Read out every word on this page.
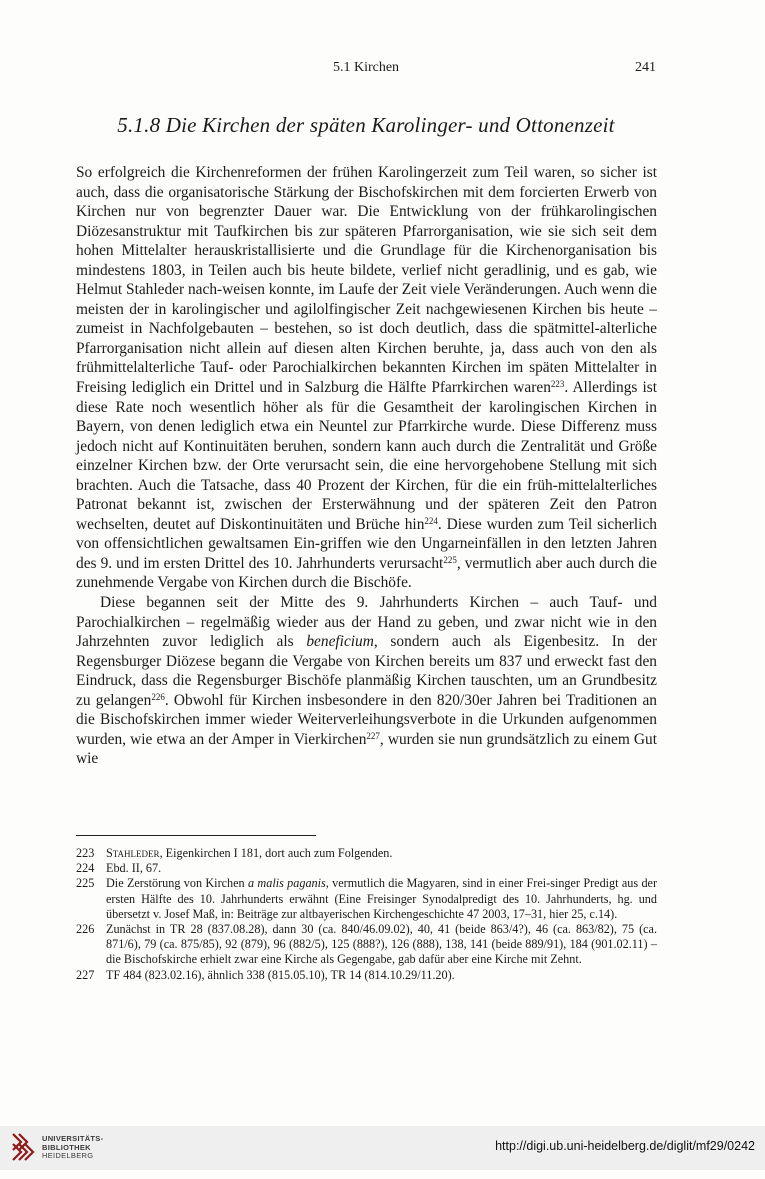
5.1 Kirchen	241
5.1.8 Die Kirchen der späten Karolinger- und Ottonenzeit

So erfolgreich die Kirchenreformen der frühen Karolingerzeit zum Teil waren, so sicher ist auch, dass die organisatorische Stärkung der Bischofskirchen mit dem forcierten Erwerb von Kirchen nur von begrenzter Dauer war. Die Entwicklung von der frühkarolingischen Diözesanstruktur mit Taufkirchen bis zur späteren Pfarrorganisation, wie sie sich seit dem hohen Mittelalter herauskristallisierte und die Grundlage für die Kirchenorganisation bis mindestens 1803, in Teilen auch bis heute bildete, verlief nicht geradlinig, und es gab, wie Helmut Stahleder nach-weisen konnte, im Laufe der Zeit viele Veränderungen. Auch wenn die meisten der in karolingischer und agilolfingischer Zeit nachgewiesenen Kirchen bis heute – zumeist in Nachfolgebauten – bestehen, so ist doch deutlich, dass die spätmittel-alterliche Pfarrorganisation nicht allein auf diesen alten Kirchen beruhte, ja, dass auch von den als frühmittelalterliche Tauf- oder Parochialkirchen bekannten Kirchen im späten Mittelalter in Freising lediglich ein Drittel und in Salzburg die Hälfte Pfarrkirchen waren$^{223}$. Allerdings ist diese Rate noch wesentlich höher als für die Gesamtheit der karolingischen Kirchen in Bayern, von denen lediglich etwa ein Neuntel zur Pfarrkirche wurde. Diese Differenz muss jedoch nicht auf Kontinuitäten beruhen, sondern kann auch durch die Zentralität und Größe einzelner Kirchen bzw. der Orte verursacht sein, die eine hervorgehobene Stellung mit sich brachten. Auch die Tatsache, dass 40 Prozent der Kirchen, für die ein früh-mittelalterliches Patronat bekannt ist, zwischen der Ersterwähnung und der späteren Zeit den Patron wechselten, deutet auf Diskontinuitäten und Brüche hin$^{224}$. Diese wurden zum Teil sicherlich von offensichtlichen gewaltsamen Ein-griffen wie den Ungarneinfällen in den letzten Jahren des 9. und im ersten Drittel des 10. Jahrhunderts verursacht$^{225}$, vermutlich aber auch durch die zunehmende Vergabe von Kirchen durch die Bischöfe.

Diese begannen seit der Mitte des 9. Jahrhunderts Kirchen – auch Tauf- und Parochialkirchen – regelmäßig wieder aus der Hand zu geben, und zwar nicht wie in den Jahrzehnten zuvor lediglich als beneficium, sondern auch als Eigenbesitz. In der Regensburger Diözese begann die Vergabe von Kirchen bereits um 837 und erweckt fast den Eindruck, dass die Regensburger Bischöfe planmäßig Kirchen tauschten, um an Grundbesitz zu gelangen$^{226}$. Obwohl für Kirchen insbesondere in den 820/30er Jahren bei Traditionen an die Bischofskirchen immer wieder Weiterverleihungsverbote in die Urkunden aufgenommen wurden, wie etwa an der Amper in Vierkirchen$^{227}$, wurden sie nun grundsätzlich zu einem Gut wie

223 Stahleder, Eigenkirchen I 181, dort auch zum Folgenden.
224 Ebd. II, 67.
225 Die Zerstörung von Kirchen a malis paganis, vermutlich die Magyaren, sind in einer Frei-singer Predigt aus der ersten Hälfte des 10. Jahrhunderts erwähnt (Eine Freisinger Synodalpredigt des 10. Jahrhunderts, hg. und übersetzt v. Josef Maß, in: Beiträge zur altbayerischen Kirchengeschichte 47 2003, 17–31, hier 25, c.14).
226 Zunächst in TR 28 (837.08.28), dann 30 (ca. 840/46.09.02), 40, 41 (beide 863/4?), 46 (ca. 863/82), 75 (ca. 871/6), 79 (ca. 875/85), 92 (879), 96 (882/5), 125 (888?), 126 (888), 138, 141 (beide 889/91), 184 (901.02.11) – die Bischofskirche erhielt zwar eine Kirche als Gegengabe, gab dafür aber eine Kirche mit Zehnt.
227 TF 484 (823.02.16), ähnlich 338 (815.05.10), TR 14 (814.10.29/11.20).
UNIVERSITÄTS-
BIBLIOTHEK
HEIDELBERG
http://digi.ub.uni-heidelberg.de/diglit/mf29/0242
